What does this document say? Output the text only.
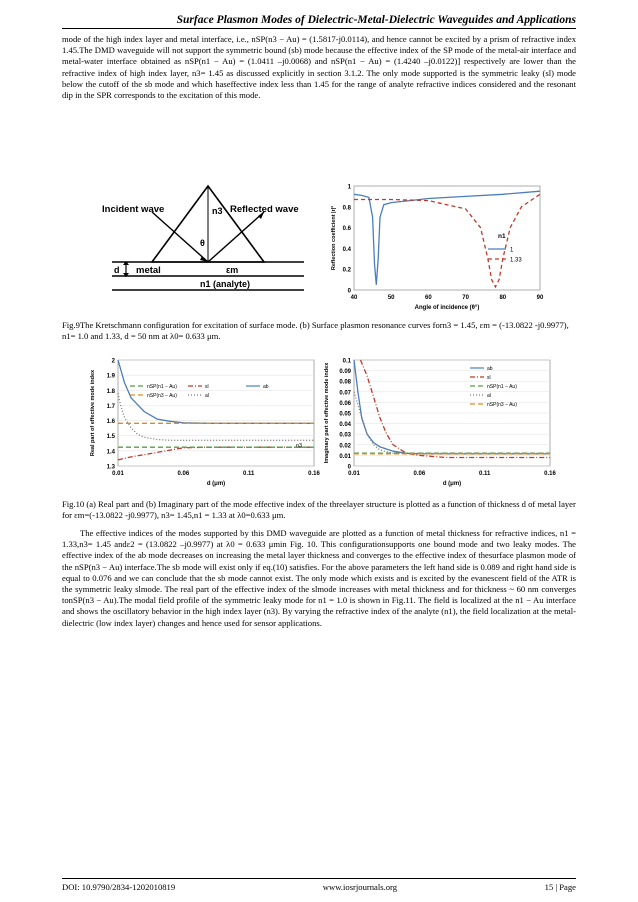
Surface Plasmon Modes of Dielectric-Metal-Dielectric Waveguides and Applications
mode of the high index layer and metal interface, i.e., nSP(n3 − Au) = (1.5817-j0.0114), and hence cannot be excited by a prism of refractive index 1.45.The DMD waveguide will not support the symmetric bound (sb) mode because the effective index of the SP mode of the metal-air interface and metal-water interface obtained as nSP(n1 − Au) = (1.0411 –j0.0068) and nSP(n1 − Au) = (1.4240 –j0.0122)] respectively are lower than the refractive index of high index layer, n3= 1.45 as discussed explicitly in section 3.1.2. The only mode supported is the symmetric leaky (sl) mode below the cutoff of the sb mode and which haseffective index less than 1.45 for the range of analyte refractive indices considered and the resonant dip in the SPR corresponds to the excitation of this mode.
Incident wave	Reflected wave
n3
θ
d metal	εm
n1 (analyte)
0
0.2
0.4
0.6
0.8
1
40	50	60	70	80	90
Angle of incidence (θ°)
Reflection coefficient |r|²	n1
1
1.33
Fig.9The Kretschmann configuration for excitation of surface mode. (b) Surface plasmon resonance curves forn3 = 1.45, εm = (-13.0822 -j0.9977), n1= 1.0 and 1.33, d = 50 nm at λ0= 0.633 μm.
1.3
1.4
1.5
1.6
1.7
1.8
1.9
2
0.01	0.06	0.11	0.16
d (μm)
Real part of effective mode index	n3
ab
sl
nSP(n1 − Au)
al
nSP(n3 − Au)
0
0.01
0.02
0.03
0.04
0.05
0.06
0.07
0.08
0.09
0.1
0.01	0.06	0.11	0.16
d (μm)
Imaginary part of effective mode index	ab
sl
nSP(n1 − Au)
al
nSP(n3 − Au)
Fig.10 (a) Real part and (b) Imaginary part of the mode effective index of the threelayer structure is plotted as a function of thickness d of metal layer for εm=(-13.0822 -j0.9977), n3= 1.45,n1 = 1.33 at λ0=0.633 μm.
The effective indices of the modes supported by this DMD waveguide are plotted as a function of metal thickness for refractive indices, n1 = 1.33,n3= 1.45 andε2 = (13.0822 –j0.9977) at λ0 = 0.633 μmin Fig. 10. This configurationsupports one bound mode and two leaky modes. The effective index of the ab mode decreases on increasing the metal layer thickness and converges to the effective index of thesurface plasmon mode of the nSP(n3 − Au) interface.The sb mode will exist only if eq.(10) satisfies. For the above parameters the left hand side is 0.089 and right hand side is equal to 0.076 and we can conclude that the sb mode cannot exist. The only mode which exists and is excited by the evanescent field of the ATR is the symmetric leaky slmode. The real part of the effective index of the slmode increases with metal thickness and for thickness ~ 60 nm converges tonSP(n3 − Au).The modal field profile of the symmetric leaky mode for n1 = 1.0 is shown in Fig.11. The field is localized at the n1 − Au interface and shows the oscillatory behavior in the high index layer (n3). By varying the refractive index of the analyte (n1), the field localization at the metal-dielectric (low index layer) changes and hence used for sensor applications.
DOI: 10.9790/2834-1202010819	www.iosrjournals.org	15 | Page
